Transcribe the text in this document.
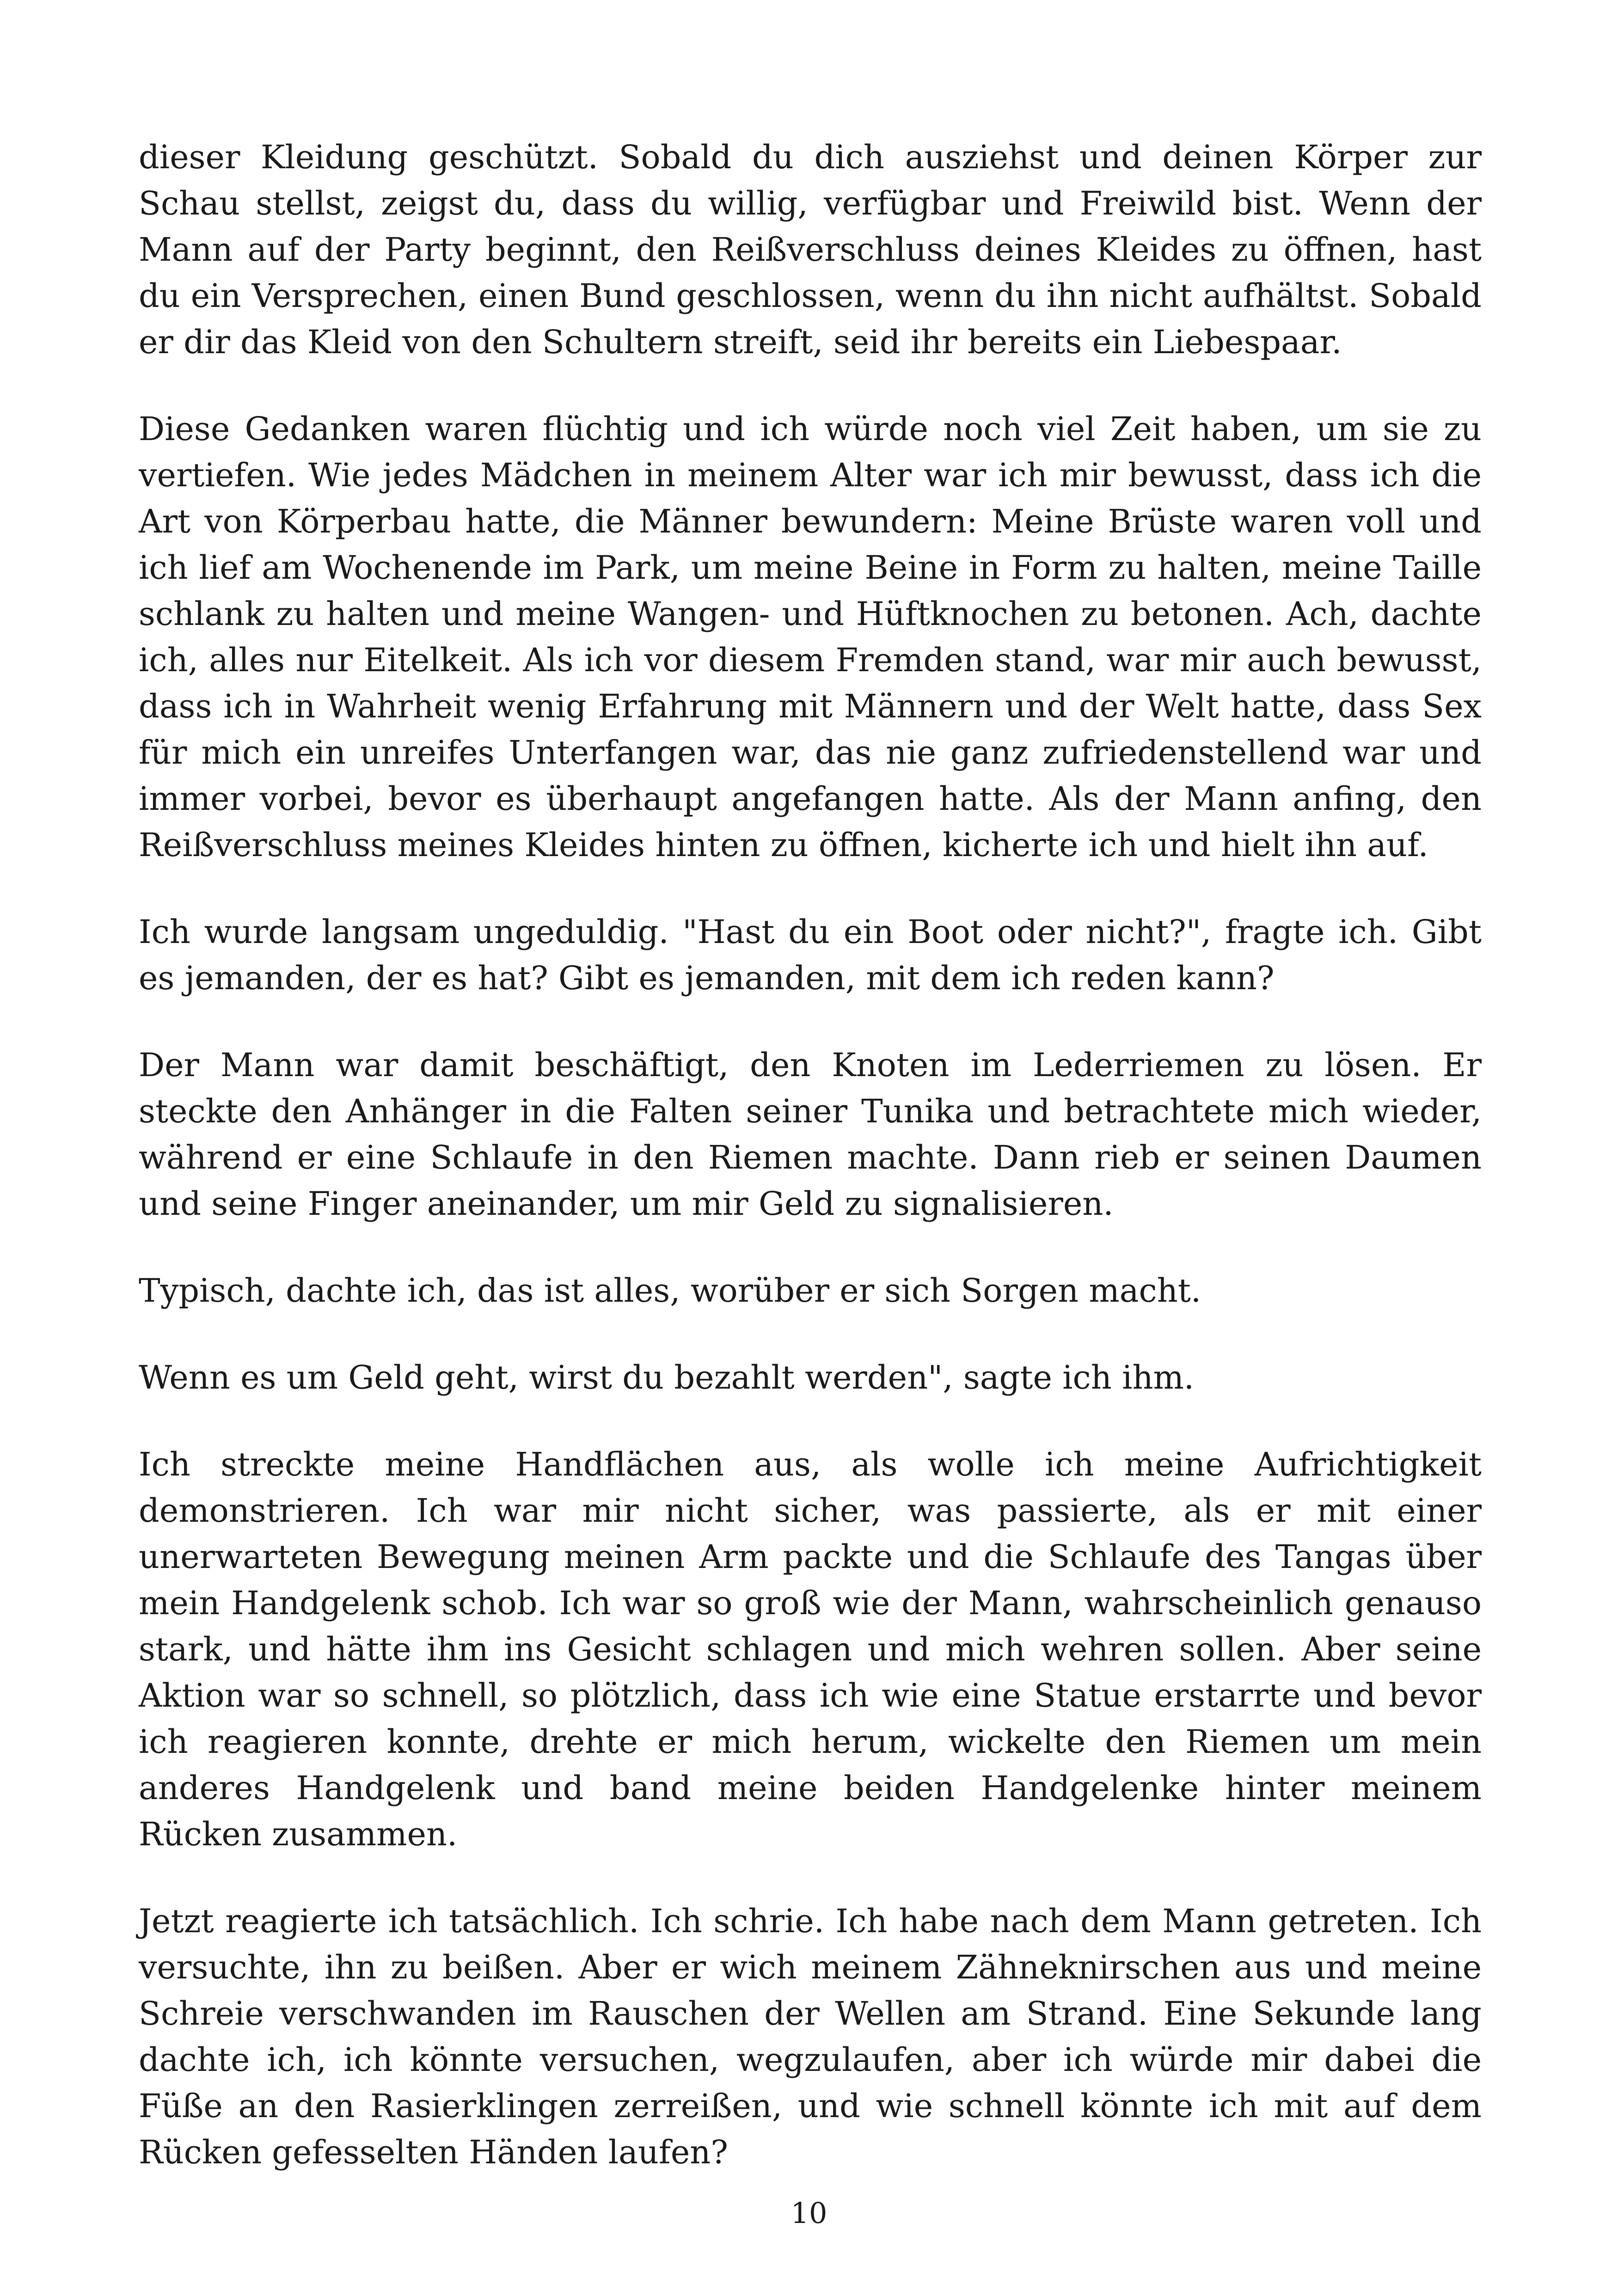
dieser Kleidung geschützt. Sobald du dich ausziehst und deinen Körper zur Schau stellst, zeigst du, dass du willig, verfügbar und Freiwild bist. Wenn der Mann auf der Party beginnt, den Reißverschluss deines Kleides zu öffnen, hast du ein Versprechen, einen Bund geschlossen, wenn du ihn nicht aufhältst. Sobald er dir das Kleid von den Schultern streift, seid ihr bereits ein Liebespaar.

Diese Gedanken waren flüchtig und ich würde noch viel Zeit haben, um sie zu vertiefen. Wie jedes Mädchen in meinem Alter war ich mir bewusst, dass ich die Art von Körperbau hatte, die Männer bewundern: Meine Brüste waren voll und ich lief am Wochenende im Park, um meine Beine in Form zu halten, meine Taille schlank zu halten und meine Wangen- und Hüftknochen zu betonen. Ach, dachte ich, alles nur Eitelkeit. Als ich vor diesem Fremden stand, war mir auch bewusst, dass ich in Wahrheit wenig Erfahrung mit Männern und der Welt hatte, dass Sex für mich ein unreifes Unterfangen war, das nie ganz zufriedenstellend war und immer vorbei, bevor es überhaupt angefangen hatte. Als der Mann anfing, den Reißverschluss meines Kleides hinten zu öffnen, kicherte ich und hielt ihn auf.

Ich wurde langsam ungeduldig. "Hast du ein Boot oder nicht?", fragte ich. Gibt es jemanden, der es hat? Gibt es jemanden, mit dem ich reden kann?

Der Mann war damit beschäftigt, den Knoten im Lederriemen zu lösen. Er steckte den Anhänger in die Falten seiner Tunika und betrachtete mich wieder, während er eine Schlaufe in den Riemen machte. Dann rieb er seinen Daumen und seine Finger aneinander, um mir Geld zu signalisieren.

Typisch, dachte ich, das ist alles, worüber er sich Sorgen macht.

Wenn es um Geld geht, wirst du bezahlt werden", sagte ich ihm.

Ich streckte meine Handflächen aus, als wolle ich meine Aufrichtigkeit demonstrieren. Ich war mir nicht sicher, was passierte, als er mit einer unerwarteten Bewegung meinen Arm packte und die Schlaufe des Tangas über mein Handgelenk schob. Ich war so groß wie der Mann, wahrscheinlich genauso stark, und hätte ihm ins Gesicht schlagen und mich wehren sollen. Aber seine Aktion war so schnell, so plötzlich, dass ich wie eine Statue erstarrte und bevor ich reagieren konnte, drehte er mich herum, wickelte den Riemen um mein anderes Handgelenk und band meine beiden Handgelenke hinter meinem Rücken zusammen.

Jetzt reagierte ich tatsächlich. Ich schrie. Ich habe nach dem Mann getreten. Ich versuchte, ihn zu beißen. Aber er wich meinem Zähneknirschen aus und meine Schreie verschwanden im Rauschen der Wellen am Strand. Eine Sekunde lang dachte ich, ich könnte versuchen, wegzulaufen, aber ich würde mir dabei die Füße an den Rasierklingen zerreißen, und wie schnell könnte ich mit auf dem Rücken gefesselten Händen laufen?

10
